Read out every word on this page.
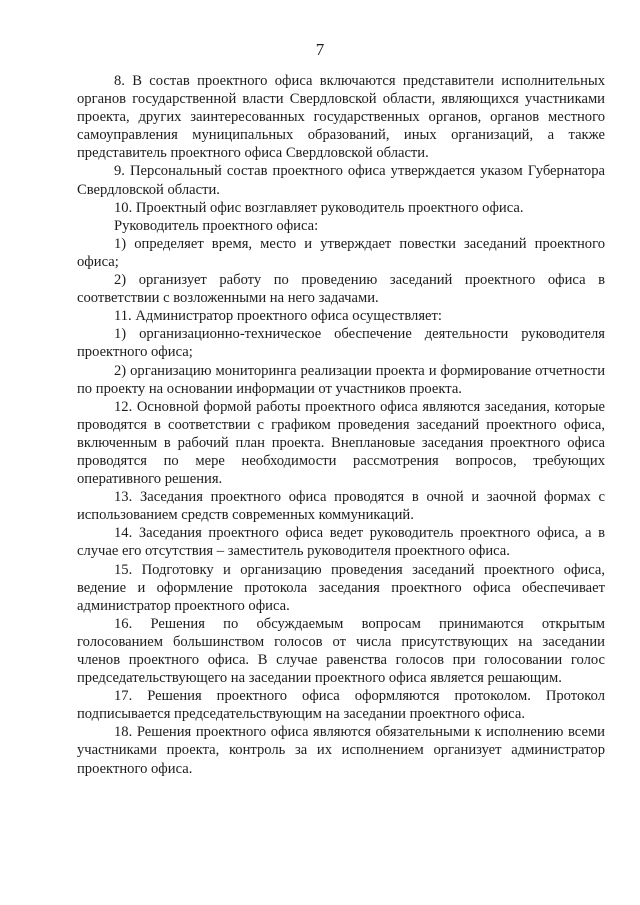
7

8. В состав проектного офиса включаются представители исполнительных органов государственной власти Свердловской области, являющихся участниками проекта, других заинтересованных государственных органов, органов местного самоуправления муниципальных образований, иных организаций, а также представитель проектного офиса Свердловской области.

9. Персональный состав проектного офиса утверждается указом Губернатора Свердловской области.

10. Проектный офис возглавляет руководитель проектного офиса.

Руководитель проектного офиса:

1) определяет время, место и утверждает повестки заседаний проектного офиса;

2) организует работу по проведению заседаний проектного офиса в соответствии с возложенными на него задачами.

11. Администратор проектного офиса осуществляет:

1) организационно-техническое обеспечение деятельности руководителя проектного офиса;

2) организацию мониторинга реализации проекта и формирование отчетности по проекту на основании информации от участников проекта.

12. Основной формой работы проектного офиса являются заседания, которые проводятся в соответствии с графиком проведения заседаний проектного офиса, включенным в рабочий план проекта. Внеплановые заседания проектного офиса проводятся по мере необходимости рассмотрения вопросов, требующих оперативного решения.

13. Заседания проектного офиса проводятся в очной и заочной формах с использованием средств современных коммуникаций.

14. Заседания проектного офиса ведет руководитель проектного офиса, а в случае его отсутствия – заместитель руководителя проектного офиса.

15. Подготовку и организацию проведения заседаний проектного офиса, ведение и оформление протокола заседания проектного офиса обеспечивает администратор проектного офиса.

16. Решения по обсуждаемым вопросам принимаются открытым голосованием большинством голосов от числа присутствующих на заседании членов проектного офиса. В случае равенства голосов при голосовании голос председательствующего на заседании проектного офиса является решающим.

17. Решения проектного офиса оформляются протоколом. Протокол подписывается председательствующим на заседании проектного офиса.

18. Решения проектного офиса являются обязательными к исполнению всеми участниками проекта, контроль за их исполнением организует администратор проектного офиса.
